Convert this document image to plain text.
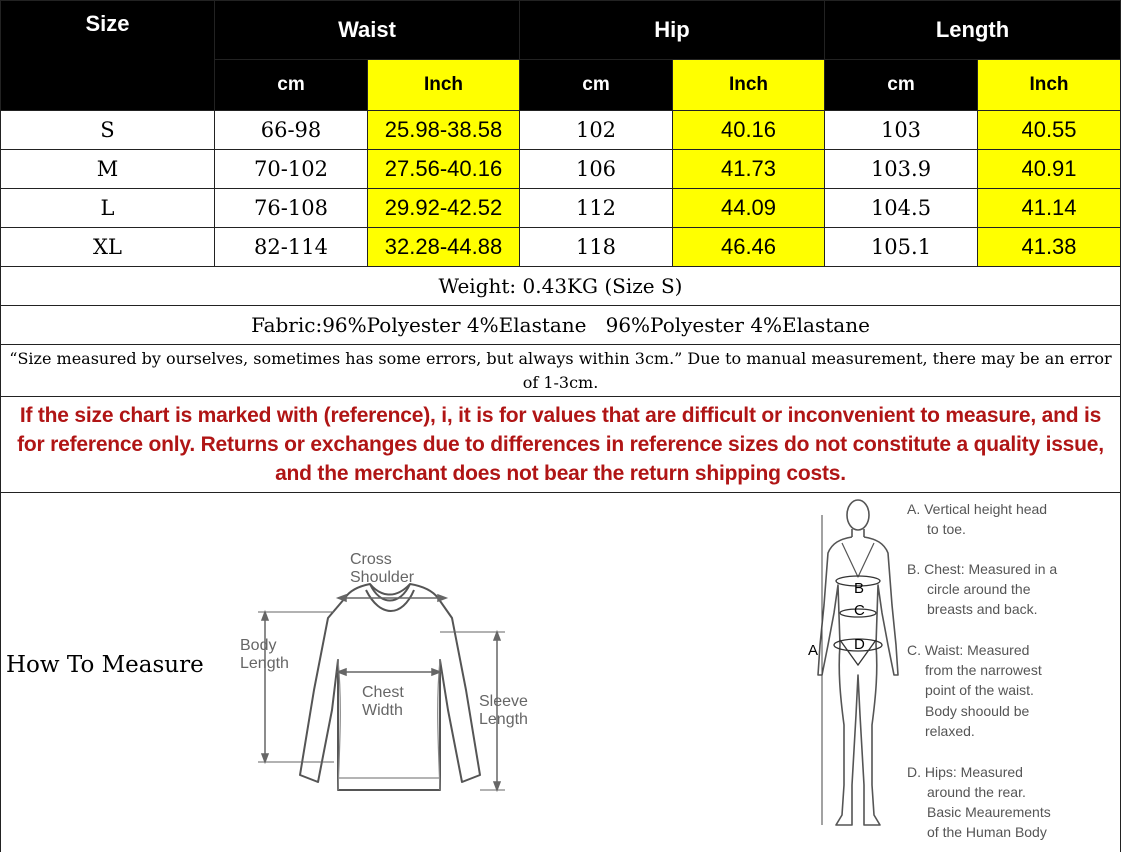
Size	Waist	Hip	Length
cm	Inch	cm	Inch	cm	Inch
S	66-98	25.98-38.58	102	40.16	103	40.55
M	70-102	27.56-40.16	106	41.73	103.9	40.91
L	76-108	29.92-42.52	112	44.09	104.5	41.14
XL	82-114	32.28-44.88	118	46.46	105.1	41.38
Weight: 0.43KG (Size S)
Fabric:96%Polyester 4%Elastane   96%Polyester 4%Elastane
“Size measured by ourselves, sometimes has some errors, but always within 3cm.” Due to manual measurement, there may be an error of 1-3cm.
If the size chart is marked with (reference), i, it is for values that are difficult or inconvenient to measure, and is for reference only. Returns or exchanges due to differences in reference sizes do not constitute a quality issue, and the merchant does not bear the return shipping costs.
How To Measure
Cross
Shoulder
Body
Length
Chest
Width
Sleeve
Length
A
B
C
D
A. Vertical height head
to toe.
B. Chest: Measured in a
circle around the
breasts and back.
C. Waist: Measured
from the narrowest
point of the waist.
Body shoould be
relaxed.
D. Hips: Measured
around the rear.
Basic Meaurements
of the Human Body
